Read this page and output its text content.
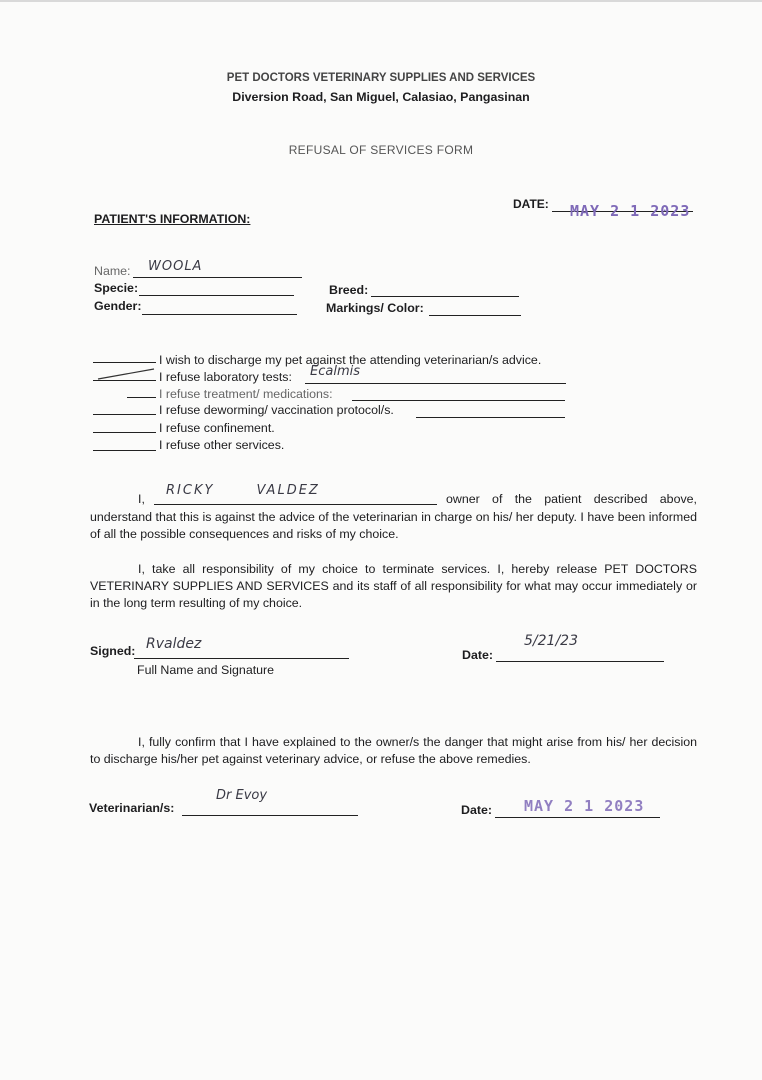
PET DOCTORS VETERINARY SUPPLIES AND SERVICES
Diversion Road, San Miguel, Calasiao, Pangasinan
REFUSAL OF SERVICES FORM
DATE: MAY 2 1 2023
PATIENT'S INFORMATION:
Name: WOOLA
Specie:	Breed:
Gender:	Markings/ Color:
I wish to discharge my pet against the attending veterinarian/s advice.
I refuse laboratory tests: Ecalmis
I refuse treatment/ medications:
I refuse deworming/ vaccination protocol/s.
I refuse confinement.
I refuse other services.
I,
RICKY VALDEZ
owner of the patient described above,
understand that this is against the advice of the veterinarian in charge on his/ her deputy. I have been informed of all the possible consequences and risks of my choice.
I, take all responsibility of my choice to terminate services. I, hereby release PET DOCTORS VETERINARY SUPPLIES AND SERVICES and its staff of all responsibility for what may occur immediately or in the long term resulting of my choice.
Signed: Rvaldez
Full Name and Signature
Date:
5/21/23
I, fully confirm that I have explained to the owner/s the danger that might arise from his/ her decision to discharge his/her pet against veterinary advice, or refuse the above remedies.
Veterinarian/s:
Dr Evoy
Date: MAY 2 1 2023
